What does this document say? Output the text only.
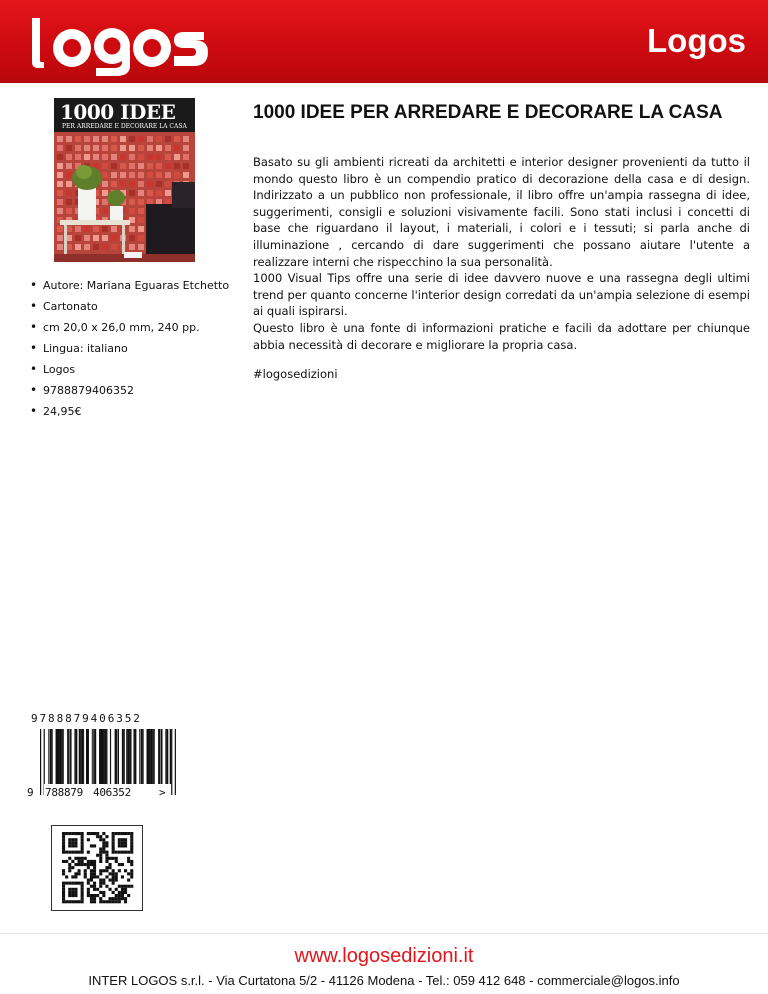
Logos
1000 IDEE
PER ARREDARE E DECORARE LA CASA
• Autore: Mariana Eguaras Etchetto
• Cartonato
• cm 20,0 x 26,0 mm, 240 pp.
• Lingua: italiano
• Logos
• 9788879406352
• 24,95€
1000 IDEE PER ARREDARE E DECORARE LA CASA

Basato su gli ambienti ricreati da architetti e interior designer provenienti da tutto il mondo questo libro è un compendio pratico di decorazione della casa e di design. Indirizzato a un pubblico non professionale, il libro offre un'ampia rassegna di idee, suggerimenti, consigli e soluzioni visivamente facili. Sono stati inclusi i concetti di base che riguardano il layout, i materiali, i colori e i tessuti; si parla anche di illuminazione , cercando di dare suggerimenti che possano aiutare l'utente a realizzare interni che rispecchino la sua personalità.

1000 Visual Tips offre una serie di idee davvero nuove e una rassegna degli ultimi trend per quanto concerne l'interior design corredati da un'ampia selezione di esempi ai quali ispirarsi.

Questo libro è una fonte di informazioni pratiche e facili da adottare per chiunque abbia necessità di decorare e migliorare la propria casa.

#logosedizioni
9788879406352
9 788879 406352	>
www.logosedizioni.it
INTER LOGOS s.r.l. - Via Curtatona 5/2 - 41126 Modena - Tel.: 059 412 648 - commerciale@logos.info
